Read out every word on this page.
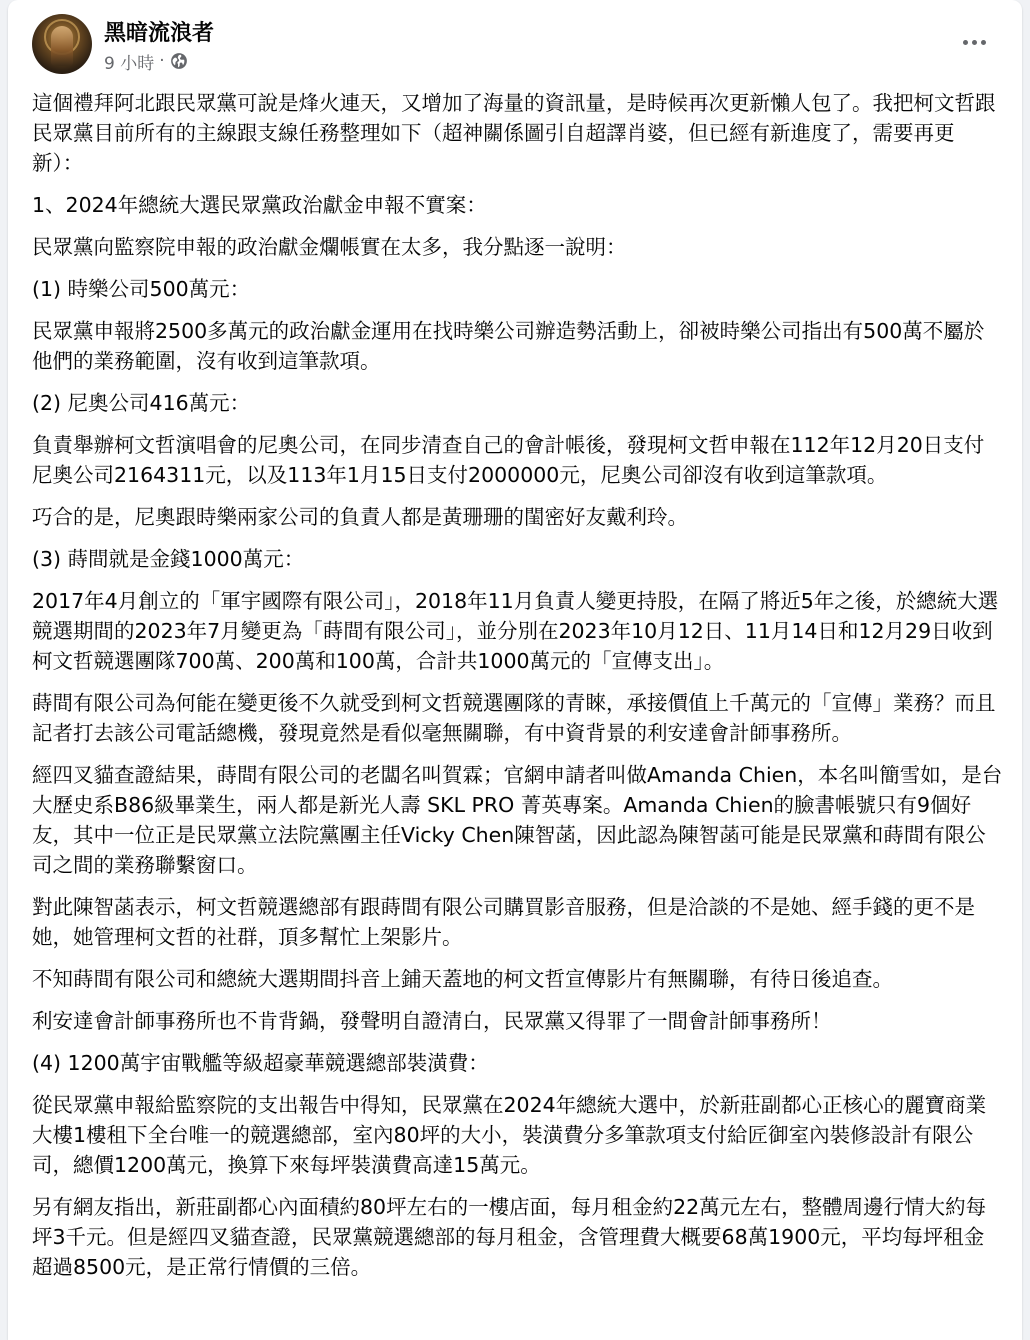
黑暗流浪者
9 小時 ·

這個禮拜阿北跟民眾黨可說是烽火連天，又增加了海量的資訊量，是時候再次更新懶人包了。我把柯文哲跟民眾黨目前所有的主線跟支線任務整理如下（超神關係圖引自超譯肖婆，但已經有新進度了，需要再更新）：

1、2024年總統大選民眾黨政治獻金申報不實案：

民眾黨向監察院申報的政治獻金爛帳實在太多，我分點逐一說明：

(1) 時樂公司500萬元：

民眾黨申報將2500多萬元的政治獻金運用在找時樂公司辦造勢活動上，卻被時樂公司指出有500萬不屬於他們的業務範圍，沒有收到這筆款項。

(2) 尼奧公司416萬元：

負責舉辦柯文哲演唱會的尼奧公司，在同步清查自己的會計帳後，發現柯文哲申報在112年12月20日支付尼奧公司2164311元，以及113年1月15日支付2000000元，尼奧公司卻沒有收到這筆款項。

巧合的是，尼奧跟時樂兩家公司的負責人都是黃珊珊的閨密好友戴利玲。

(3) 蒔間就是金錢1000萬元：

2017年4月創立的「軍宇國際有限公司」，2018年11月負責人變更持股，在隔了將近5年之後，於總統大選競選期間的2023年7月變更為「蒔間有限公司」，並分別在2023年10月12日、11月14日和12月29日收到柯文哲競選團隊700萬、200萬和100萬，合計共1000萬元的「宣傳支出」。

蒔間有限公司為何能在變更後不久就受到柯文哲競選團隊的青睞，承接價值上千萬元的「宣傳」業務？而且記者打去該公司電話總機，發現竟然是看似毫無關聯，有中資背景的利安達會計師事務所。

經四叉貓查證結果，蒔間有限公司的老闆名叫賀霖；官網申請者叫做Amanda Chien，本名叫簡雪如，是台大歷史系B86級畢業生，兩人都是新光人壽 SKL PRO 菁英專案。Amanda Chien的臉書帳號只有9個好友，其中一位正是民眾黨立法院黨團主任Vicky Chen陳智菡，因此認為陳智菡可能是民眾黨和蒔間有限公司之間的業務聯繫窗口。

對此陳智菡表示，柯文哲競選總部有跟蒔間有限公司購買影音服務，但是洽談的不是她、經手錢的更不是她，她管理柯文哲的社群，頂多幫忙上架影片。

不知蒔間有限公司和總統大選期間抖音上鋪天蓋地的柯文哲宣傳影片有無關聯，有待日後追查。

利安達會計師事務所也不肯背鍋，發聲明自證清白，民眾黨又得罪了一間會計師事務所！

(4) 1200萬宇宙戰艦等級超豪華競選總部裝潢費：

從民眾黨申報給監察院的支出報告中得知，民眾黨在2024年總統大選中，於新莊副都心正核心的麗寶商業大樓1樓租下全台唯一的競選總部，室內80坪的大小，裝潢費分多筆款項支付給匠御室內裝修設計有限公司，總價1200萬元，換算下來每坪裝潢費高達15萬元。

另有網友指出，新莊副都心內面積約80坪左右的一樓店面，每月租金約22萬元左右，整體周邊行情大約每坪3千元。但是經四叉貓查證，民眾黨競選總部的每月租金，含管理費大概要68萬1900元，平均每坪租金超過8500元，是正常行情價的三倍。
